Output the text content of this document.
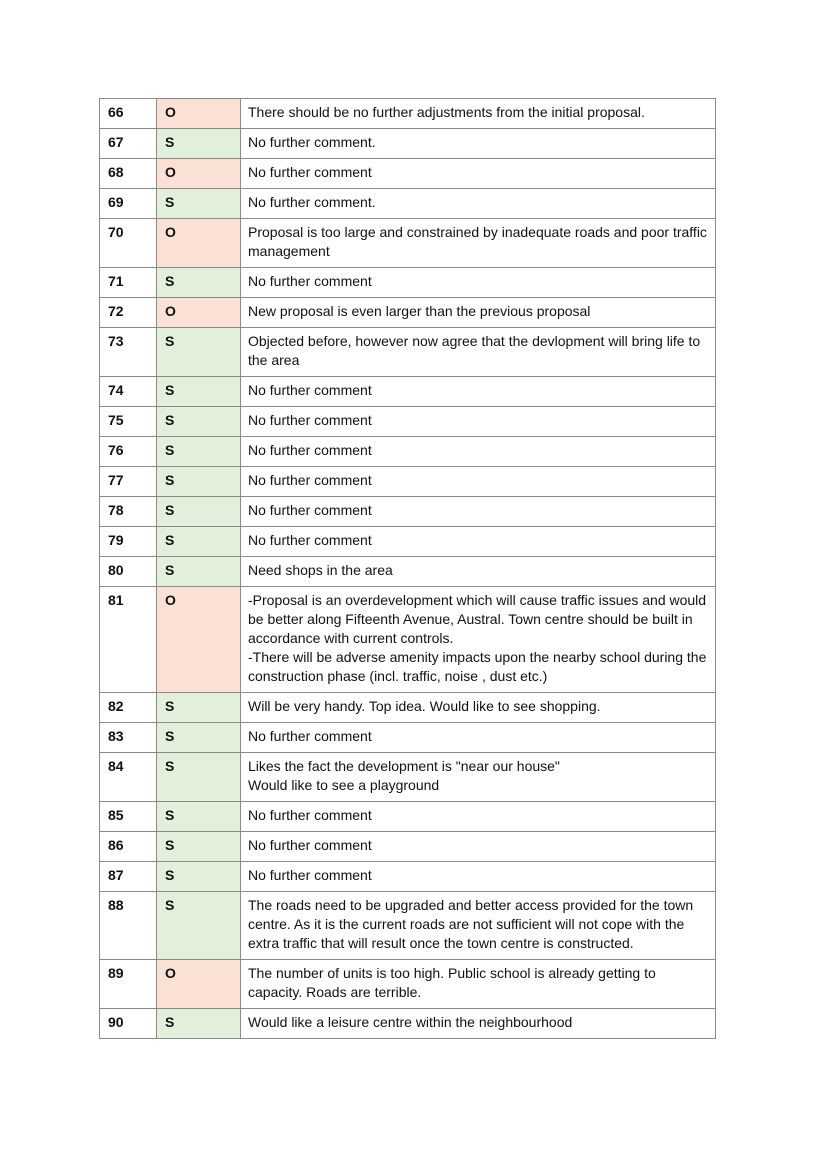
66	O	There should be no further adjustments from the initial proposal.
67	S	No further comment.
68	O	No further comment
69	S	No further comment.
70	O	Proposal is too large and constrained by inadequate roads and poor traffic management
71	S	No further comment
72	O	New proposal is even larger than the previous proposal
73	S	Objected before, however now agree that the devlopment will bring life to the area
74	S	No further comment
75	S	No further comment
76	S	No further comment
77	S	No further comment
78	S	No further comment
79	S	No further comment
80	S	Need shops in the area
81	O	-Proposal is an overdevelopment which will cause traffic issues and would be better along Fifteenth Avenue, Austral. Town centre should be built in accordance with current controls.
-There will be adverse amenity impacts upon the nearby school during the construction phase (incl. traffic, noise , dust etc.)
82	S	Will be very handy. Top idea. Would like to see shopping.
83	S	No further comment
84	S	Likes the fact the development is "near our house"
Would like to see a playground
85	S	No further comment
86	S	No further comment
87	S	No further comment
88	S	The roads need to be upgraded and better access provided for the town centre. As it is the current roads are not sufficient will not cope with the extra traffic that will result once the town centre is constructed.
89	O	The number of units is too high. Public school is already getting to capacity. Roads are terrible.
90	S	Would like a leisure centre within the neighbourhood
